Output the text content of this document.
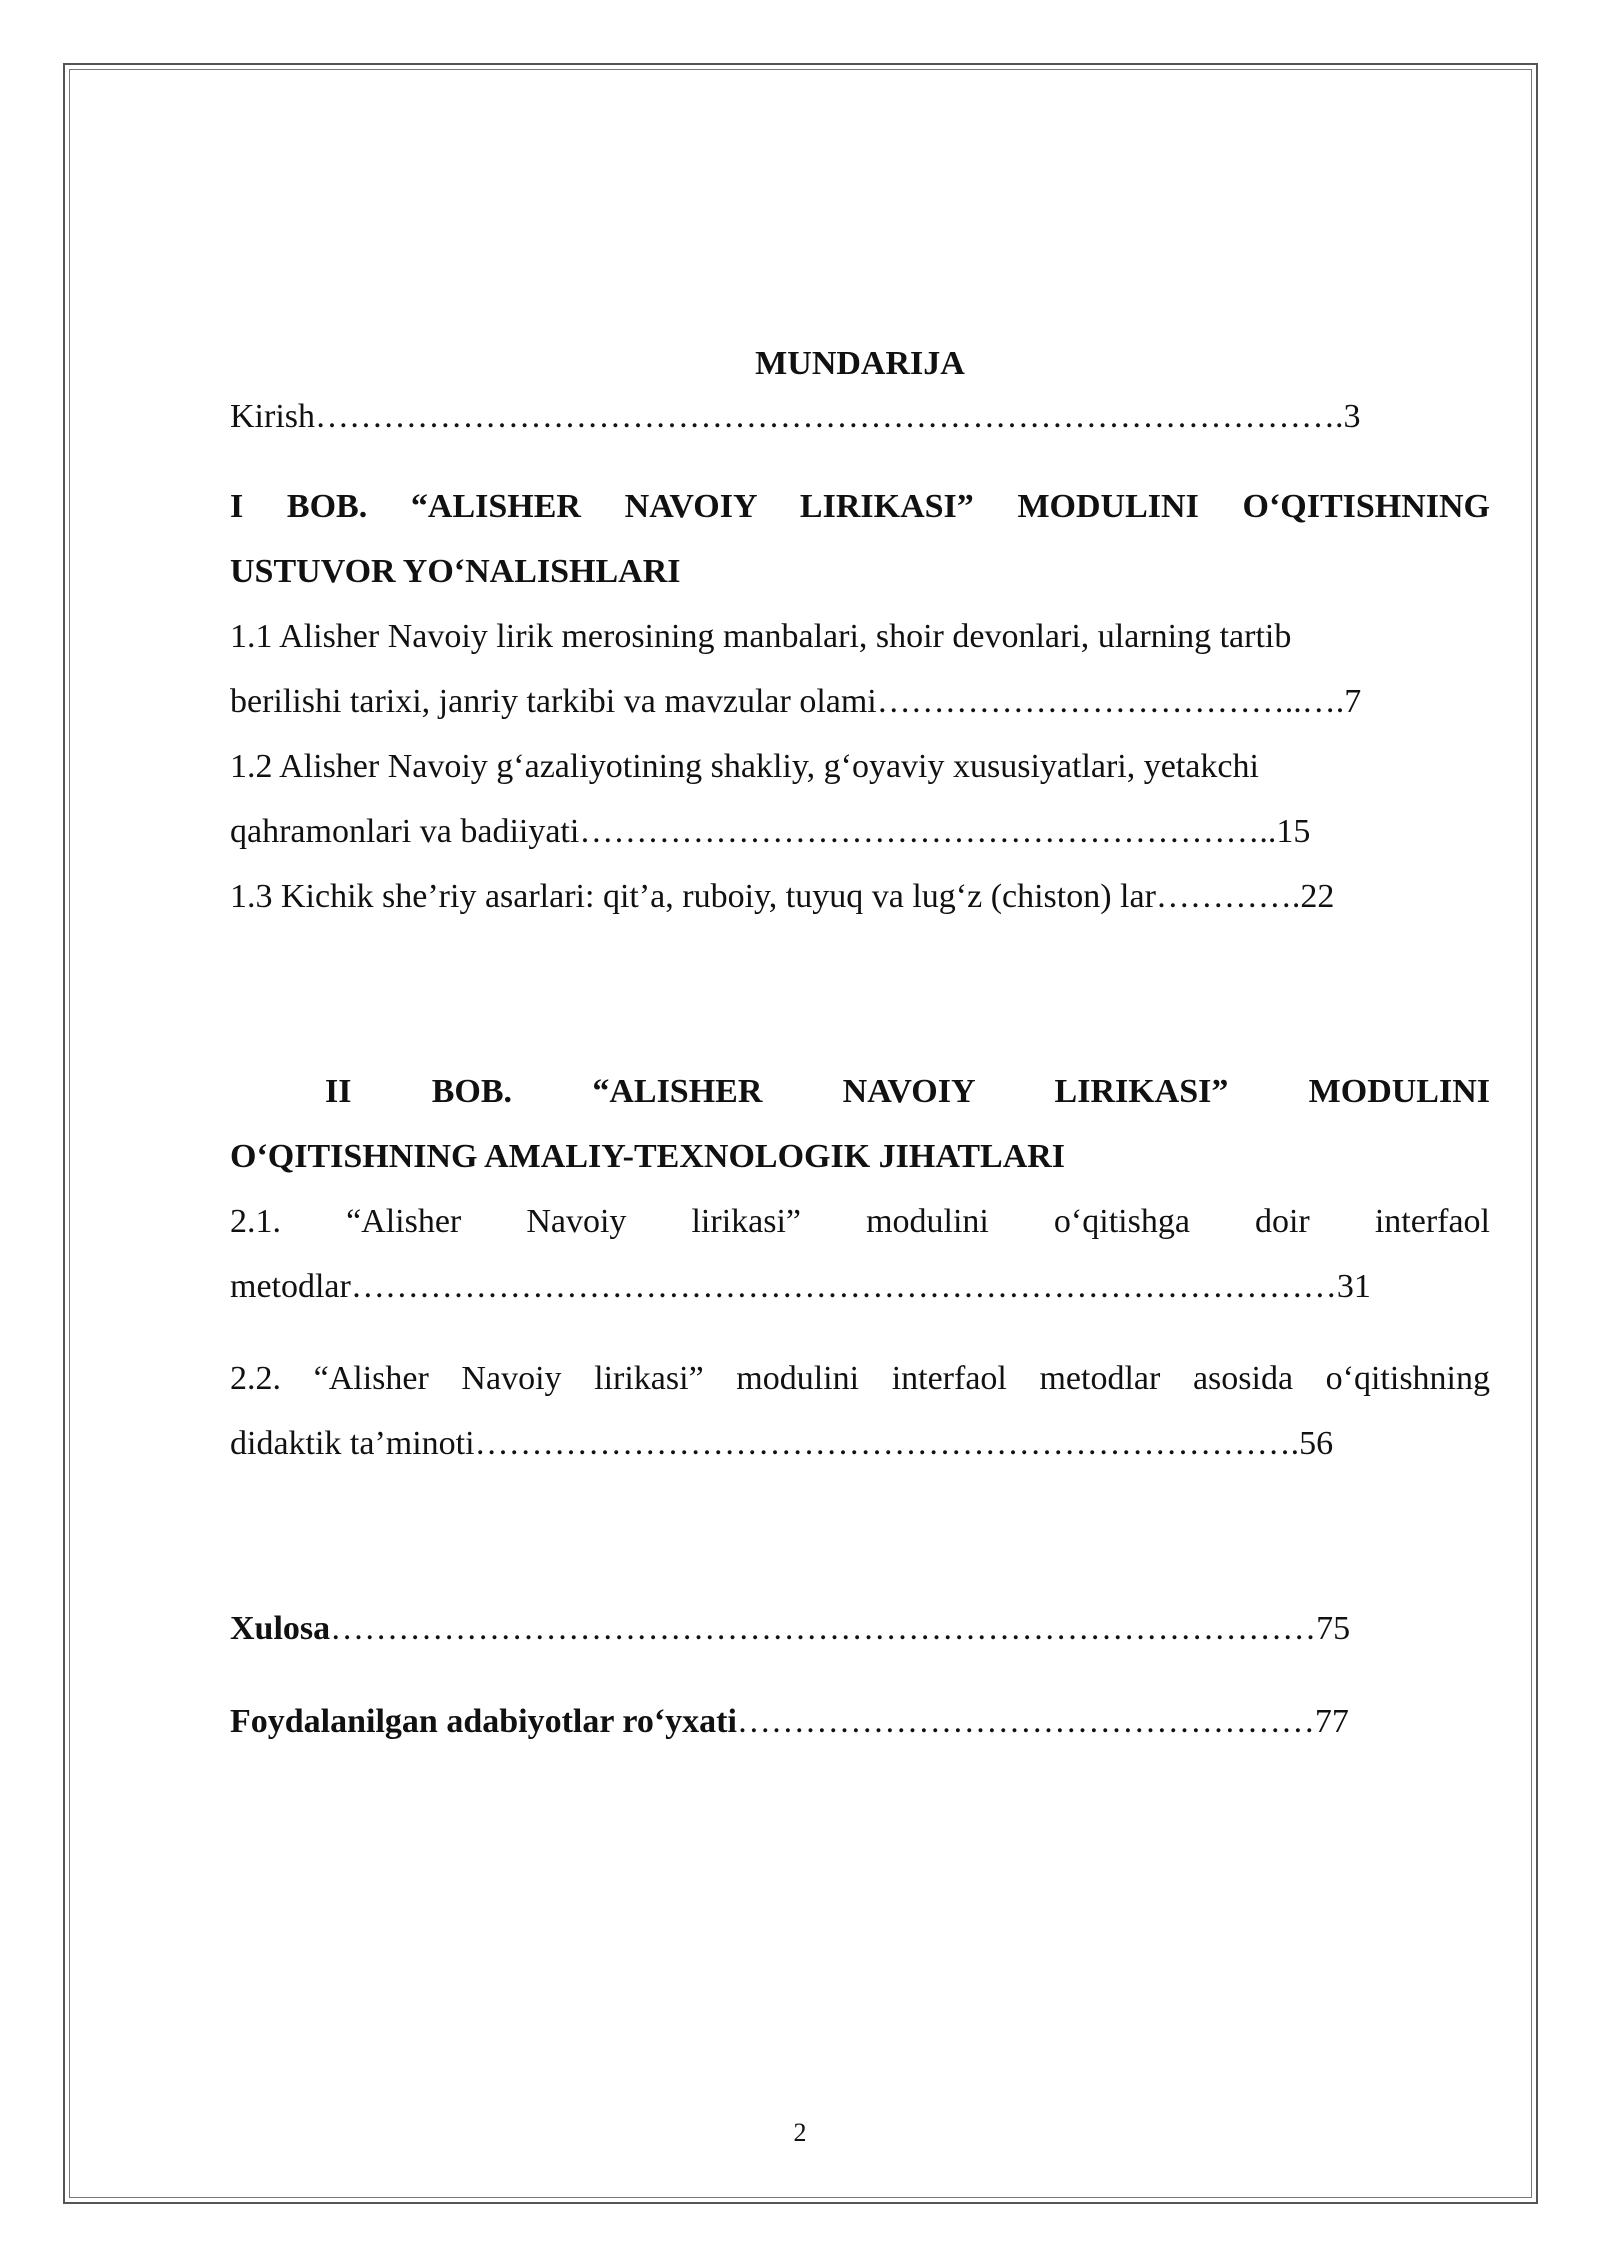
MUNDARIJA
Kirish……………………………………………………………………………….3
I BOB. “ALISHER NAVOIY LIRIKASI” MODULINI O‘QITISHNING
USTUVOR YO‘NALISHLARI
1.1 Alisher Navoiy lirik merosining manbalari, shoir devonlari, ularning tartib
berilishi tarixi, janriy tarkibi va mavzular olami………………………………..….7
1.2 Alisher Navoiy g‘azaliyotining shakliy, g‘oyaviy xususiyatlari, yetakchi
qahramonlari va badiiyati……………………………………………………..15
1.3 Kichik she’riy asarlari: qit’a, ruboiy, tuyuq va lug‘z (chiston) lar………….22
II BOB. “ALISHER NAVOIY LIRIKASI” MODULINI
O‘QITISHNING AMALIY-TEXNOLOGIK JIHATLARI
2.1. “Alisher Navoiy lirikasi” modulini o‘qitishga doir interfaol
metodlar……………………………………………………………………………31
2.2. “Alisher Navoiy lirikasi” modulini interfaol metodlar asosida o‘qitishning
didaktik ta’minoti……………………………………………………………….56
Xulosa……………………………………………………………………………75
Foydalanilgan adabiyotlar ro‘yxati……………………………………………77
2
